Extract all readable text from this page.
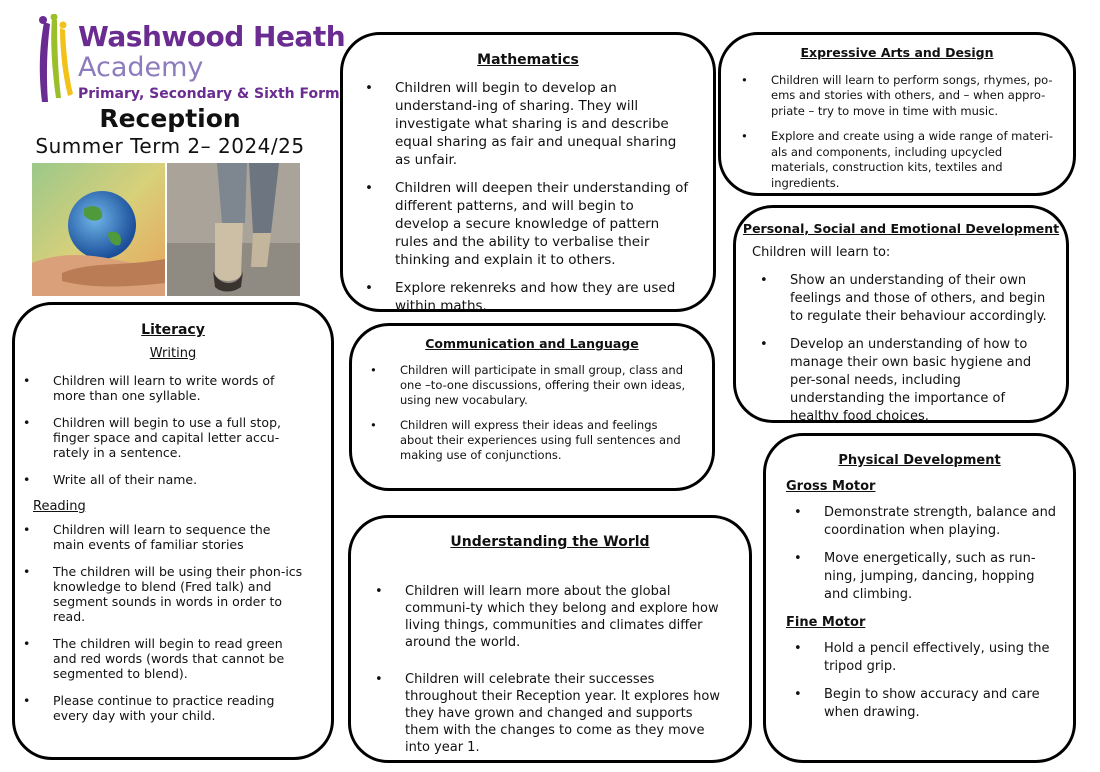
Washwood Heath
Academy
Primary, Secondary & Sixth Form
Reception
Summer Term 2– 2024/25
Literacy
Writing
• Children will learn to write words of more than one syllable.
• Children will begin to use a full stop, finger space and capital letter accu-rately in a sentence.
• Write all of their name.
Reading
• Children will learn to sequence the main events of familiar stories
• The children will be using their phon-ics knowledge to blend (Fred talk) and segment sounds in words in order to read.
• The children will begin to read green and red words (words that cannot be segmented to blend).
• Please continue to practice reading every day with your child.
Mathematics
• Children will begin to develop an understand-ing of sharing. They will investigate what sharing is and describe equal sharing as fair and unequal sharing as unfair.
• Children will deepen their understanding of different patterns, and will begin to develop a secure knowledge of pattern rules and the ability to verbalise their thinking and explain it to others.
• Explore rekenreks and how they are used within maths.
Communication and Language
• Children will participate in small group, class and one –to-one discussions, offering their own ideas, using new vocabulary.
• Children will express their ideas and feelings about their experiences using full sentences and making use of conjunctions.
Understanding the World
• Children will learn more about the global communi-ty which they belong and explore how living things, communities and climates differ around the world.
• Children will celebrate their successes throughout their Reception year. It explores how they have grown and changed and supports them with the changes to come as they move into year 1.
Expressive Arts and Design
• Children will learn to perform songs, rhymes, po-ems and stories with others, and – when appro-priate – try to move in time with music.
• Explore and create using a wide range of materi-als and components, including upcycled materials, construction kits, textiles and ingredients.
Personal, Social and Emotional Development
Children will learn to:
• Show an understanding of their own feelings and those of others, and begin to regulate their behaviour accordingly.
• Develop an understanding of how to manage their own basic hygiene and per-sonal needs, including understanding the importance of healthy food choices.
Physical Development
Gross Motor
• Demonstrate strength, balance and coordination when playing.
• Move energetically, such as run-ning, jumping, dancing, hopping and climbing.
Fine Motor
• Hold a pencil effectively, using the tripod grip.
• Begin to show accuracy and care when drawing.
